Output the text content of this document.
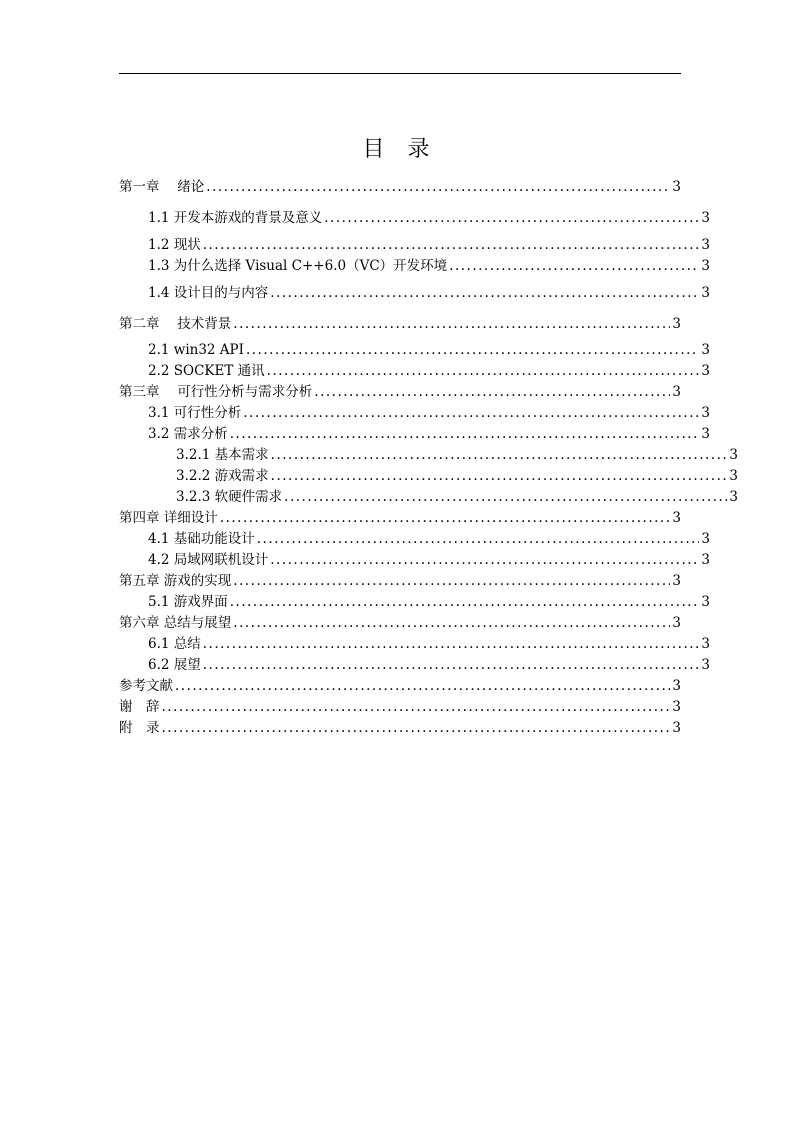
目 录
第一章　 绪论 .....	3
1.1 开发本游戏的背景及意义 .....	3
1.2 现状 .....	3
1.3 为什么选择 Visual C++6.0（VC）开发环境 .....	3
1.4 设计目的与内容 .....	3
第二章　 技术背景 .....	3
2.1 win32 API .....	3
2.2 SOCKET 通讯 .....	3
第三章　 可行性分析与需求分析 .....	3
3.1 可行性分析 .....	3
3.2 需求分析 .....	3
3.2.1 基本需求 .....	3
3.2.2 游戏需求 .....	3
3.2.3 软硬件需求 .....	3
第四章 详细设计 .....	3
4.1 基础功能设计 .....	3
4.2 局域网联机设计 .....	3
第五章 游戏的实现 .....	3
5.1 游戏界面 .....	3
第六章 总结与展望 .....	3
6.1 总结 .....	3
6.2 展望 .....	3
参考文献 .....	3
谢　辞 .....	3
附　录 .....	3
